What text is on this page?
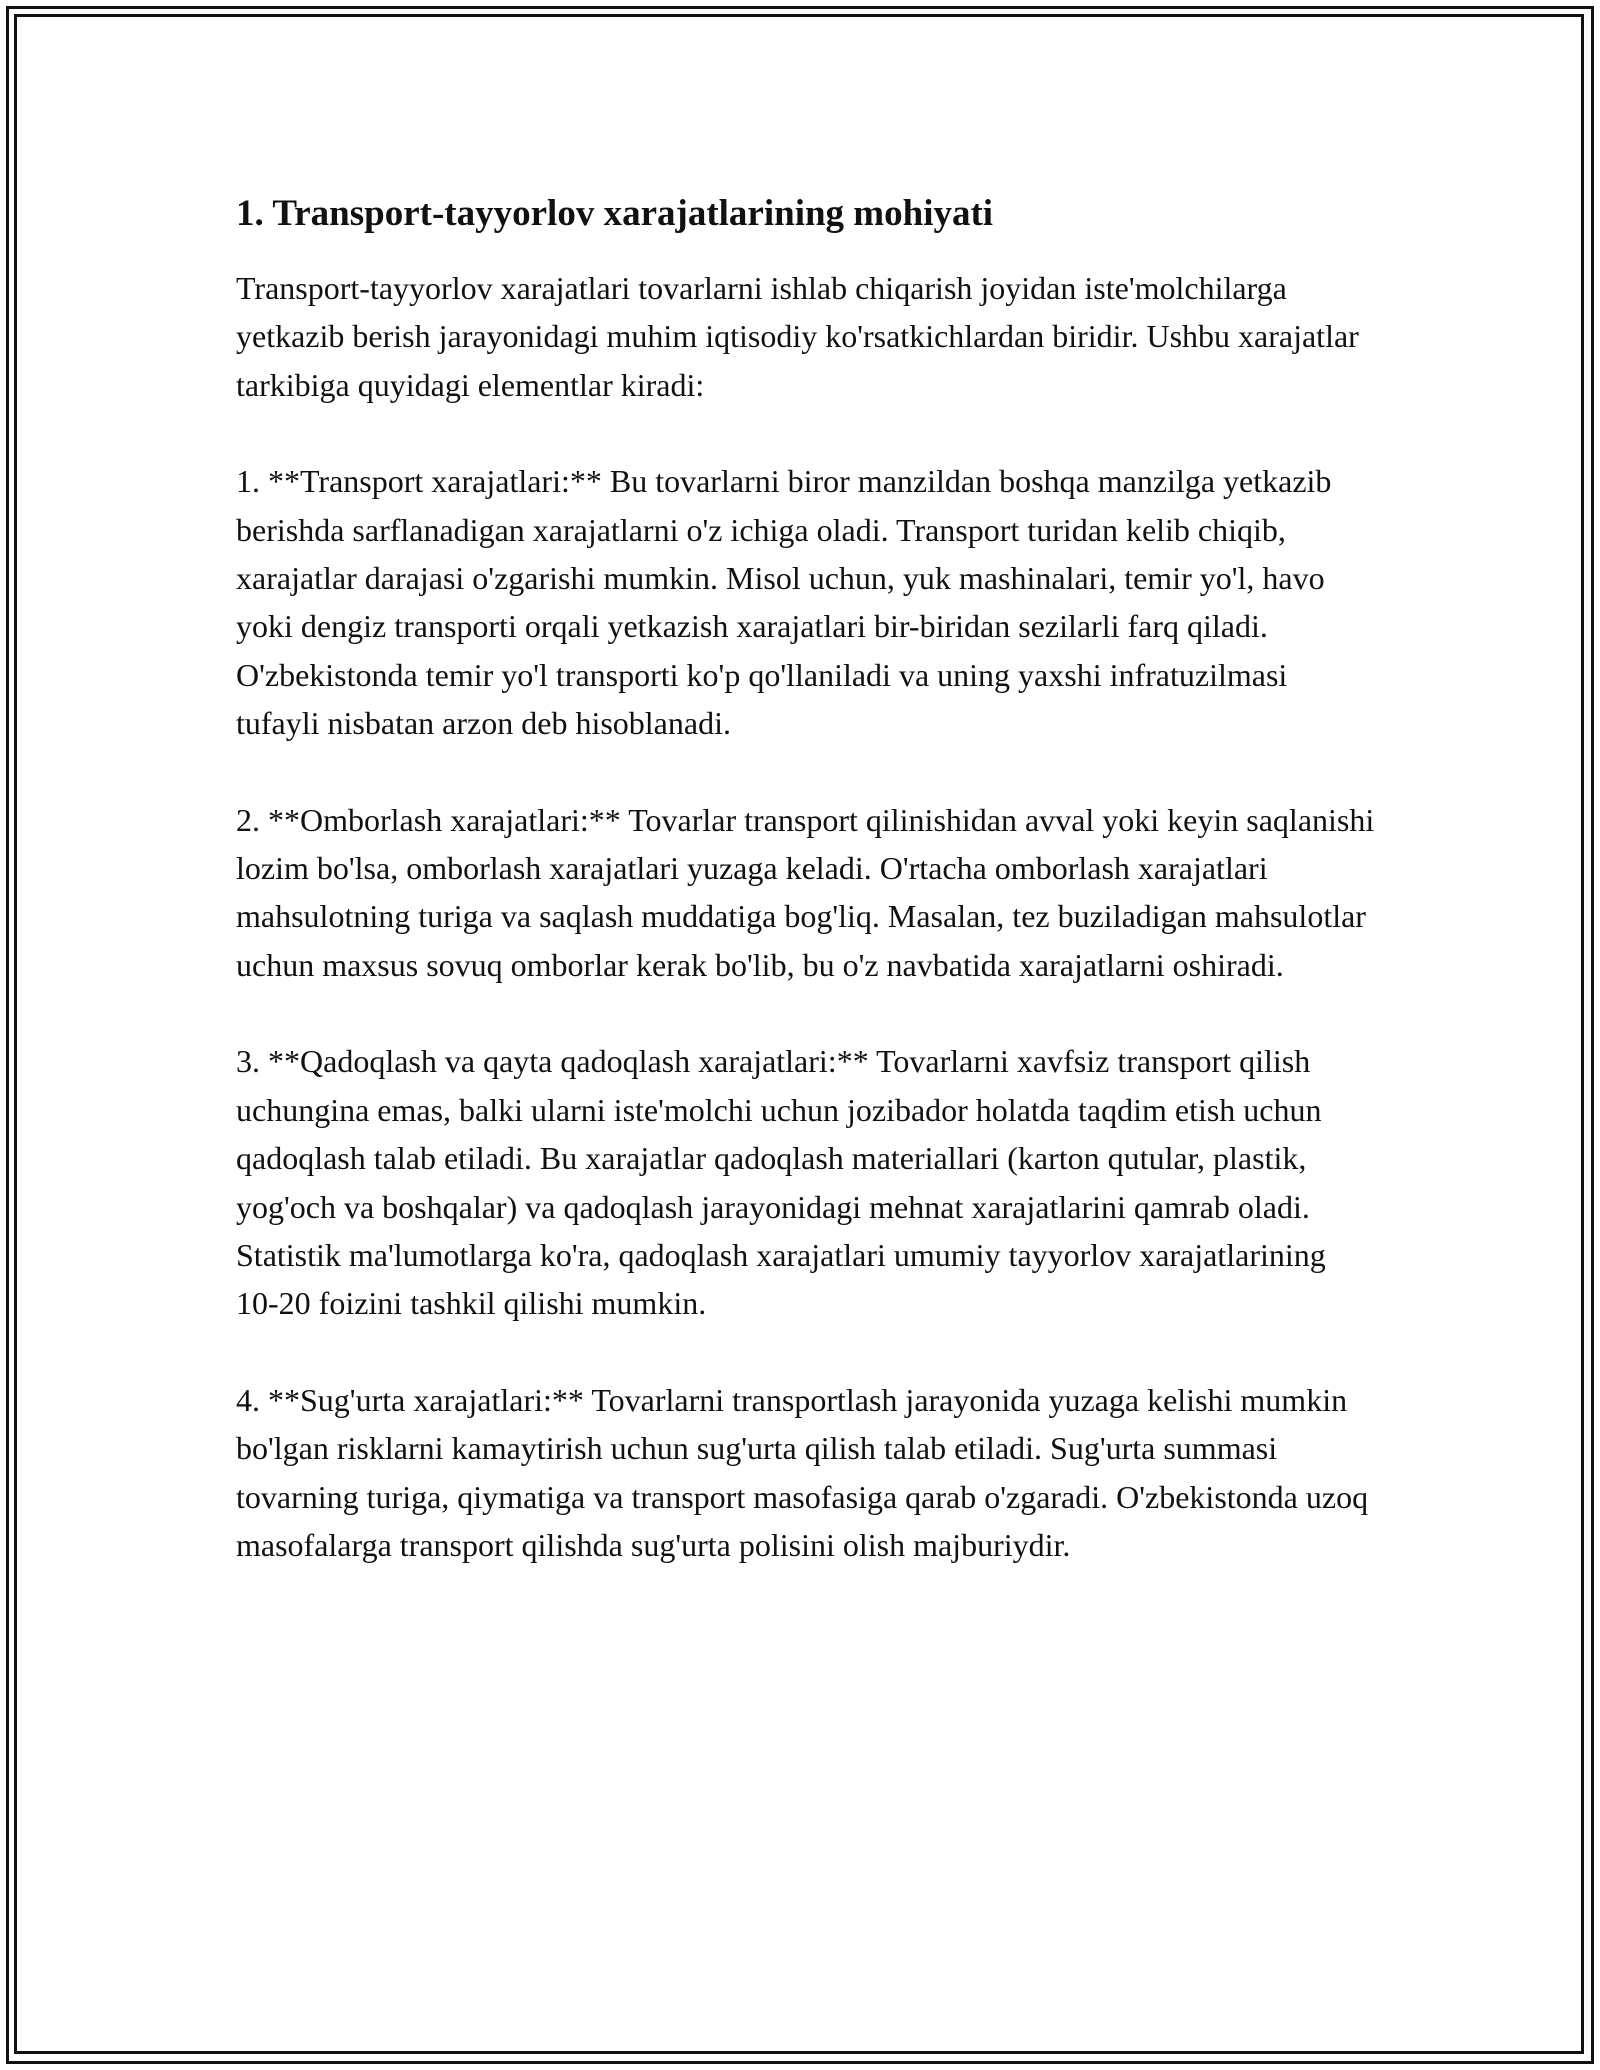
1. Transport-tayyorlov xarajatlarining mohiyati

Transport-tayyorlov xarajatlari tovarlarni ishlab chiqarish joyidan iste'molchilarga yetkazib berish jarayonidagi muhim iqtisodiy ko'rsatkichlardan biridir. Ushbu xarajatlar tarkibiga quyidagi elementlar kiradi:

1. **Transport xarajatlari:** Bu tovarlarni biror manzildan boshqa manzilga yetkazib berishda sarflanadigan xarajatlarni o'z ichiga oladi. Transport turidan kelib chiqib, xarajatlar darajasi o'zgarishi mumkin. Misol uchun, yuk mashinalari, temir yo'l, havo yoki dengiz transporti orqali yetkazish xarajatlari bir-biridan sezilarli farq qiladi. O'zbekistonda temir yo'l transporti ko'p qo'llaniladi va uning yaxshi infratuzilmasi tufayli nisbatan arzon deb hisoblanadi.

2. **Omborlash xarajatlari:** Tovarlar transport qilinishidan avval yoki keyin saqlanishi lozim bo'lsa, omborlash xarajatlari yuzaga keladi. O'rtacha omborlash xarajatlari mahsulotning turiga va saqlash muddatiga bog'liq. Masalan, tez buziladigan mahsulotlar uchun maxsus sovuq omborlar kerak bo'lib, bu o'z navbatida xarajatlarni oshiradi.

3. **Qadoqlash va qayta qadoqlash xarajatlari:** Tovarlarni xavfsiz transport qilish uchungina emas, balki ularni iste'molchi uchun jozibador holatda taqdim etish uchun qadoqlash talab etiladi. Bu xarajatlar qadoqlash materiallari (karton qutular, plastik, yog'och va boshqalar) va qadoqlash jarayonidagi mehnat xarajatlarini qamrab oladi. Statistik ma'lumotlarga ko'ra, qadoqlash xarajatlari umumiy tayyorlov xarajatlarining 10-20 foizini tashkil qilishi mumkin.

4. **Sug'urta xarajatlari:** Tovarlarni transportlash jarayonida yuzaga kelishi mumkin bo'lgan risklarni kamaytirish uchun sug'urta qilish talab etiladi. Sug'urta summasi tovarning turiga, qiymatiga va transport masofasiga qarab o'zgaradi. O'zbekistonda uzoq masofalarga transport qilishda sug'urta polisini olish majburiydir.
